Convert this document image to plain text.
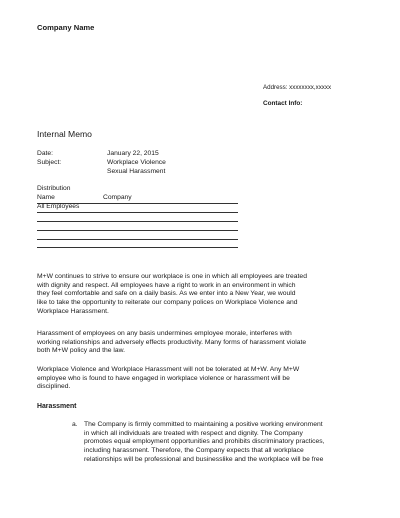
Company Name
Address: xxxxxxxx,xxxxx
Contact Info:
Internal Memo
Date:	January 22, 2015
Subject:	Workplace Violence
Sexual Harassment
Distribution
Name	Company
All Employees
M+W continues to strive to ensure our workplace is one in which all employees are treated
with dignity and respect. All employees have a right to work in an environment in which
they feel comfortable and safe on a daily basis. As we enter into a New Year, we would
like to take the opportunity to reiterate our company polices on Workplace Violence and
Workplace Harassment.
Harassment of employees on any basis undermines employee morale, interferes with
working relationships and adversely effects productivity. Many forms of harassment violate
both M+W policy and the law.
Workplace Violence and Workplace Harassment will not be tolerated at M+W. Any M+W
employee who is found to have engaged in workplace violence or harassment will be
disciplined.
Harassment
a. The Company is firmly committed to maintaining a positive working environment
in which all individuals are treated with respect and dignity. The Company
promotes equal employment opportunities and prohibits discriminatory practices,
including harassment. Therefore, the Company expects that all workplace
relationships will be professional and businesslike and the workplace will be free
